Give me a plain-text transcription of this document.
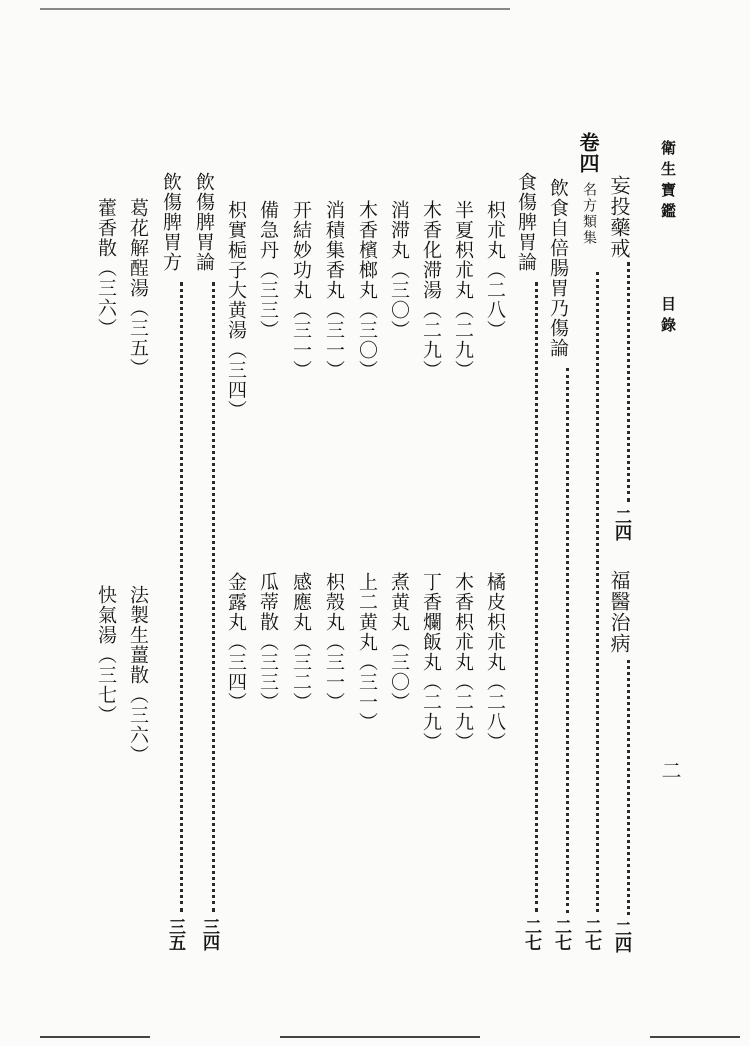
衛生寶鑑
目錄
二
妄投藥戒
二四
福醫治病
二四
卷四
名方類集
二七
飲食自倍腸胃乃傷論
二七
食傷脾胃論
二七
枳朮丸（二八）
半夏枳朮丸（二九）
木香化滞湯（二九）
消滞丸（三〇）
木香檳榔丸（三〇）
消積集香丸（三一）
开結妙功丸（三一）
備急丹（三三）
枳實梔子大黄湯（三四）
橘皮枳朮丸（二八）
木香枳朮丸（二九）
丁香爛飯丸（二九）
煮黄丸（三〇）
上二黄丸（三一）
枳殼丸（三一）
感應丸（三二）
瓜蒂散（三三）
金露丸（三四）
飲傷脾胃論
三四
飲傷脾胃方
三五
葛花解酲湯（三五）
藿香散（三六）
法製生薑散（三六）
快氣湯（三七）
